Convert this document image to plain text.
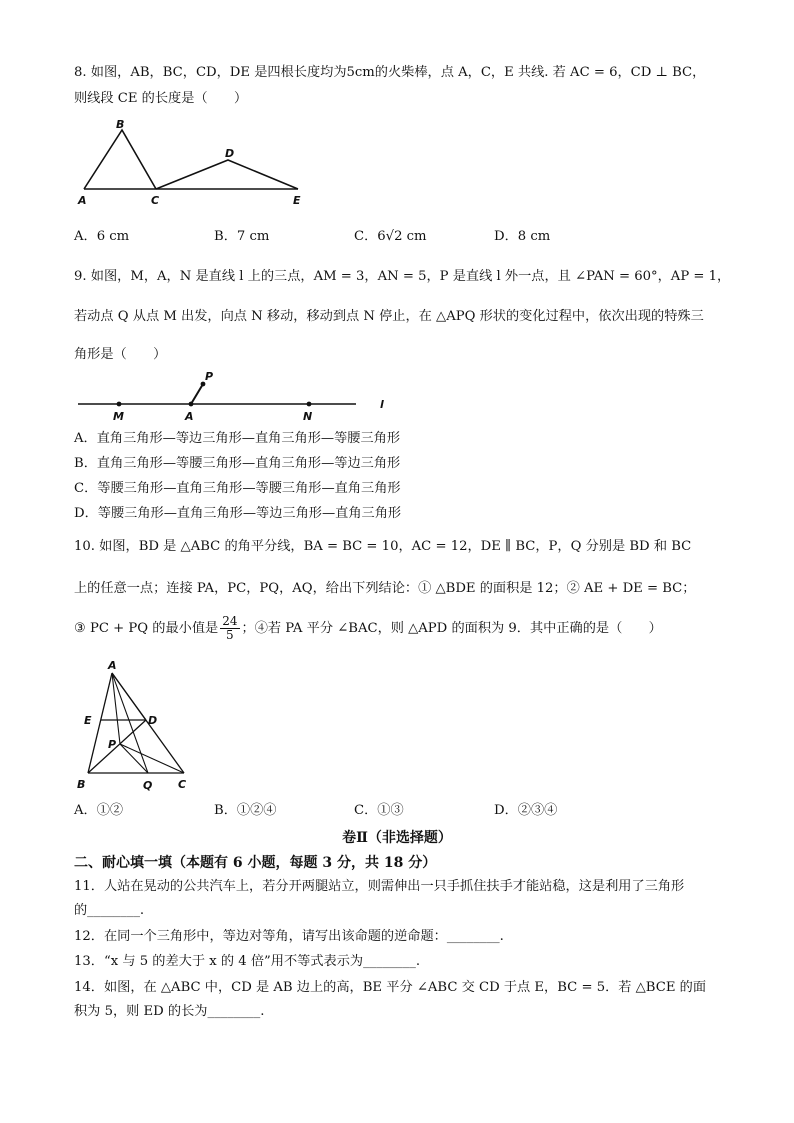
8. 如图，AB，BC，CD，DE 是四根长度均为5cm的火柴棒，点 A，C，E 共线. 若 AC = 6，CD ⊥ BC，
则线段 CE 的长度是（　　）
B
D
A	C	E
A．6 cm	B．7 cm	C．6√2 cm	D．8 cm
9. 如图，M，A，N 是直线 l 上的三点，AM = 3，AN = 5，P 是直线 l 外一点，且 ∠PAN = 60°，AP = 1，
若动点 Q 从点 M 出发，向点 N 移动，移动到点 N 停止，在 △APQ 形状的变化过程中，依次出现的特殊三
角形是（　　）
P
M	A	N
l
A．直角三角形—等边三角形—直角三角形—等腰三角形
B．直角三角形—等腰三角形—直角三角形—等边三角形
C．等腰三角形—直角三角形—等腰三角形—直角三角形
D．等腰三角形—直角三角形—等边三角形—直角三角形
10. 如图，BD 是 △ABC 的角平分线，BA = BC = 10，AC = 12，DE ∥ BC，P，Q 分别是 BD 和 BC
上的任意一点；连接 PA，PC，PQ，AQ，给出下列结论：① △BDE 的面积是 12；② AE + DE = BC；
③ PC + PQ 的最小值是 $\frac{24}{5}$ ；④若 PA 平分 ∠BAC，则 △APD 的面积为 9．其中正确的是（　　）
A
E	D
P
B	Q C
A．①②	B．①②④	C．①③	D．②③④
卷Ⅱ（非选择题）
二、耐心填一填（本题有 6 小题，每题 3 分，共 18 分）
11．人站在晃动的公共汽车上，若分开两腿站立，则需伸出一只手抓住扶手才能站稳，这是利用了三角形
的________.
12．在同一个三角形中，等边对等角，请写出该命题的逆命题：________.
13．“x 与 5 的差大于 x 的 4 倍”用不等式表示为________.
14．如图，在 △ABC 中，CD 是 AB 边上的高，BE 平分 ∠ABC 交 CD 于点 E，BC = 5．若 △BCE 的面
积为 5，则 ED 的长为________.
